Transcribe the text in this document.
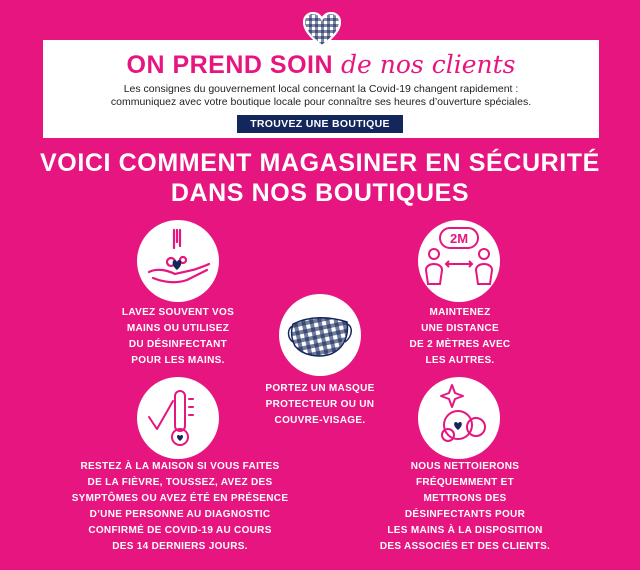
ON PREND SOIN de nos clients
Les consignes du gouvernement local concernant la Covid-19 changent rapidement :
communiquez avec votre boutique locale pour connaître ses heures d’ouverture spéciales.
TROUVEZ UNE BOUTIQUE
VOICI COMMENT MAGASINER EN SÉCURITÉ
DANS NOS BOUTIQUES
LAVEZ SOUVENT VOS
MAINS OU UTILISEZ
DU DÉSINFECTANT
POUR LES MAINS.
2M
MAINTENEZ
UNE DISTANCE
DE 2 MÈTRES AVEC
LES AUTRES.
PORTEZ UN MASQUE
PROTECTEUR OU UN
COUVRE-VISAGE.
RESTEZ À LA MAISON SI VOUS FAITES
DE LA FIÈVRE, TOUSSEZ, AVEZ DES
SYMPTÔMES OU AVEZ ÉTÉ EN PRÉSENCE
D’UNE PERSONNE AU DIAGNOSTIC
CONFIRMÉ DE COVID-19 AU COURS
DES 14 DERNIERS JOURS.
NOUS NETTOIERONS
FRÉQUEMMENT ET
METTRONS DES
DÉSINFECTANTS POUR
LES MAINS À LA DISPOSITION
DES ASSOCIÉS ET DES CLIENTS.
